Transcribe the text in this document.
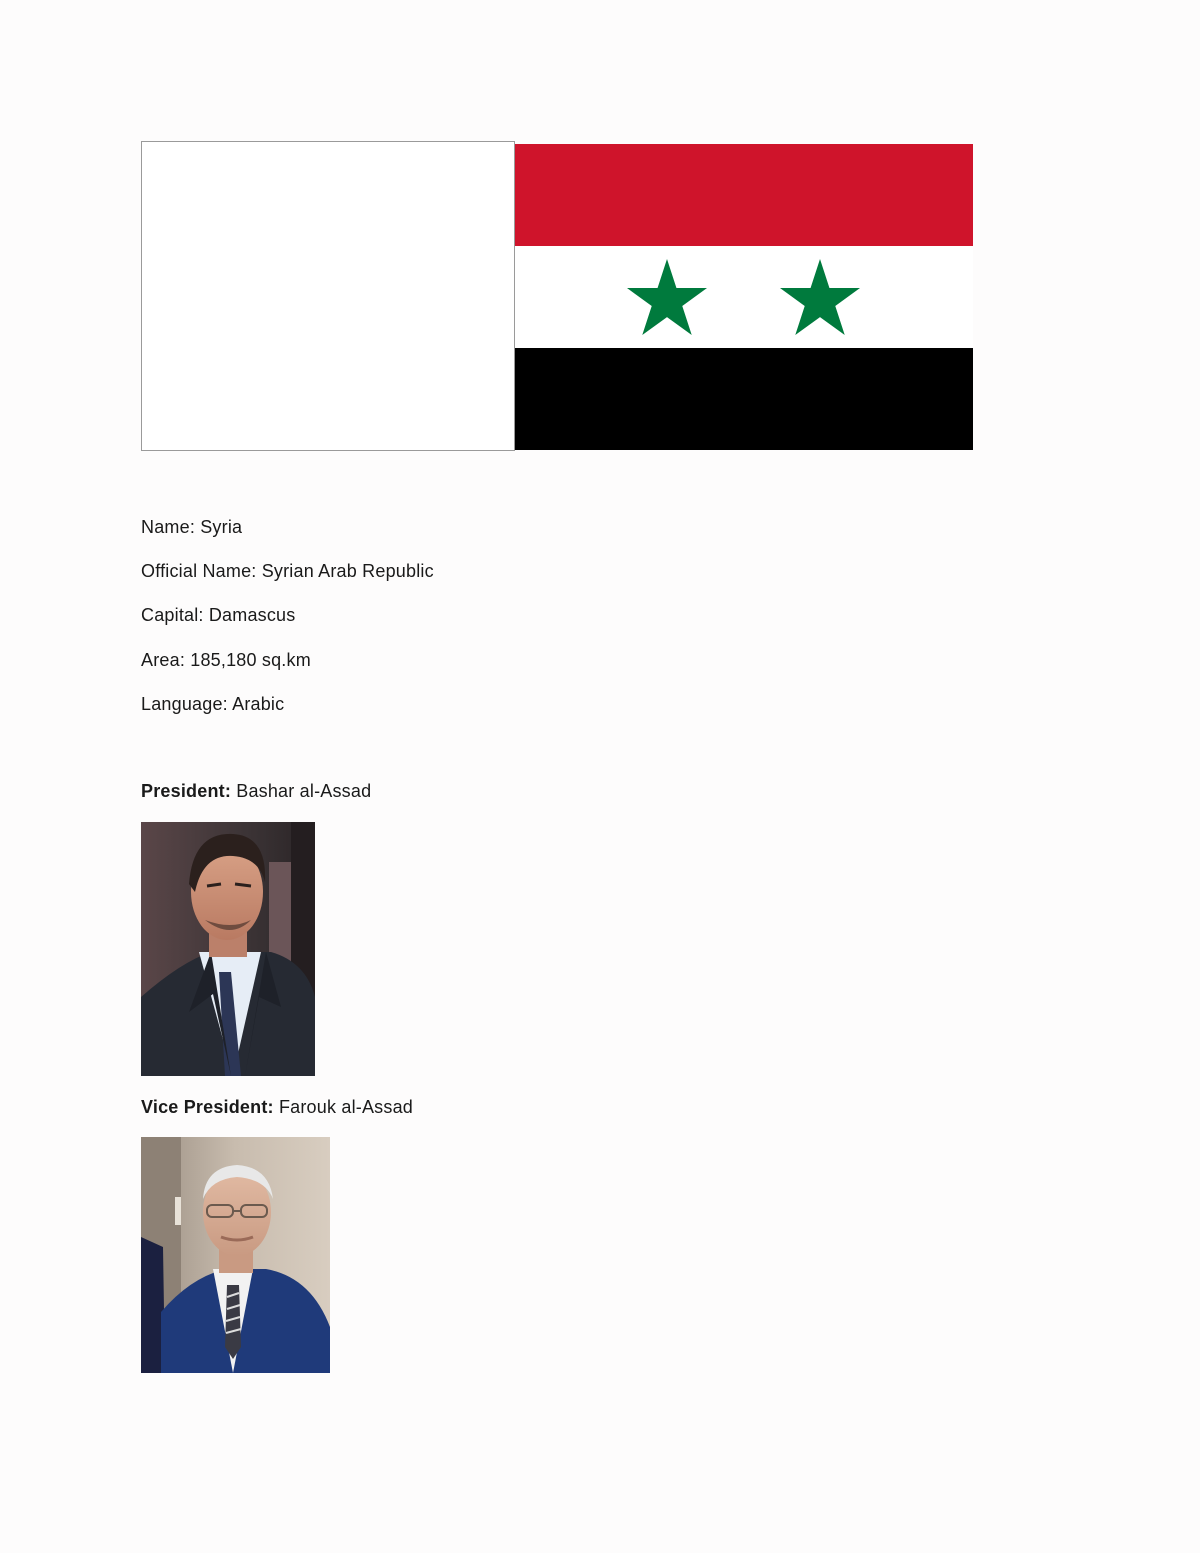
Name: Syria
Official Name: Syrian Arab Republic
Capital: Damascus
Area: 185,180 sq.km
Language: Arabic
President: Bashar al-Assad
Vice President: Farouk al-Assad
